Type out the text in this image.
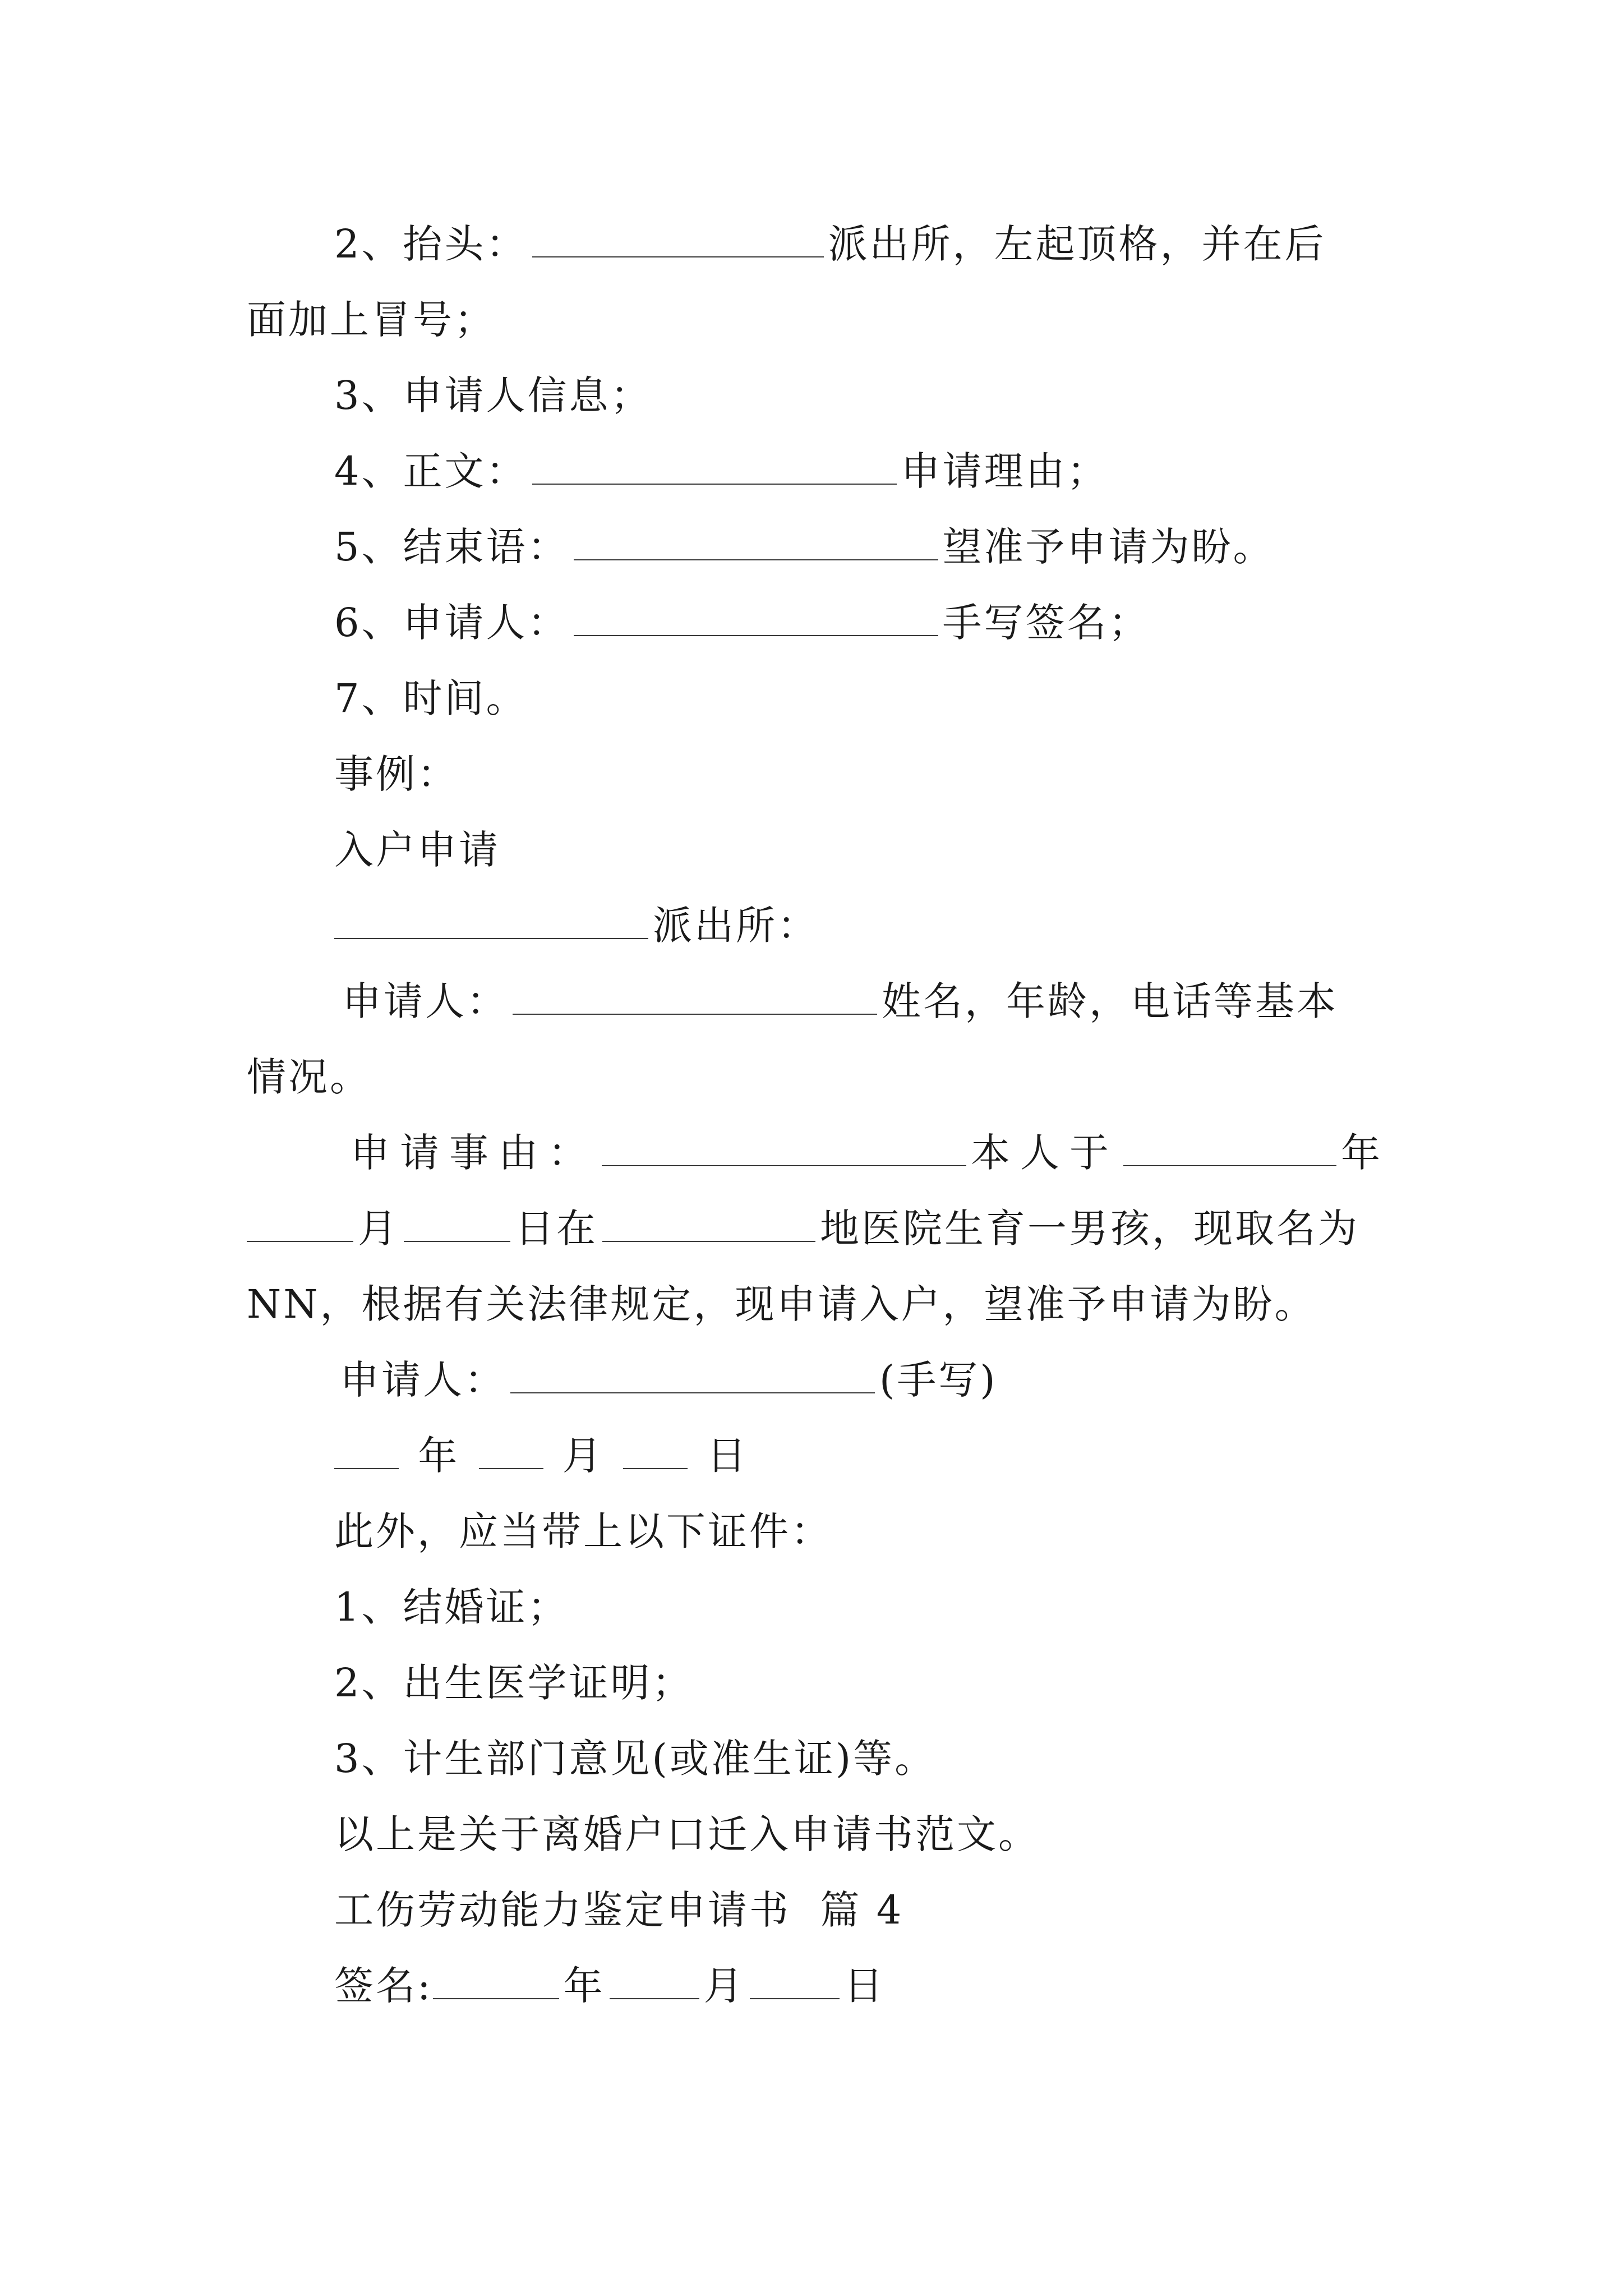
2、抬头：	派出所，左起顶格，并在后
面加上冒号；
3、申请人信息；
4、正文：	申请理由；
5、结束语：	望准予申请为盼。
6、申请人：	手写签名；
7、时间。
事例：
入户申请
派出所：
申请人：	姓名，年龄，电话等基本
情况。
申请事由：	本人于	年
月	日在	地医院生育一男孩，现取名为
NN，根据有关法律规定，现申请入户，望准予申请为盼。
申请人：	(手写)
年	月	日
此外，应当带上以下证件：
1、结婚证；
2、出生医学证明；
3、计生部门意见(或准生证)等。
以上是关于离婚户口迁入申请书范文。
工伤劳动能力鉴定申请书  篇 4
签名:	年	月	日
